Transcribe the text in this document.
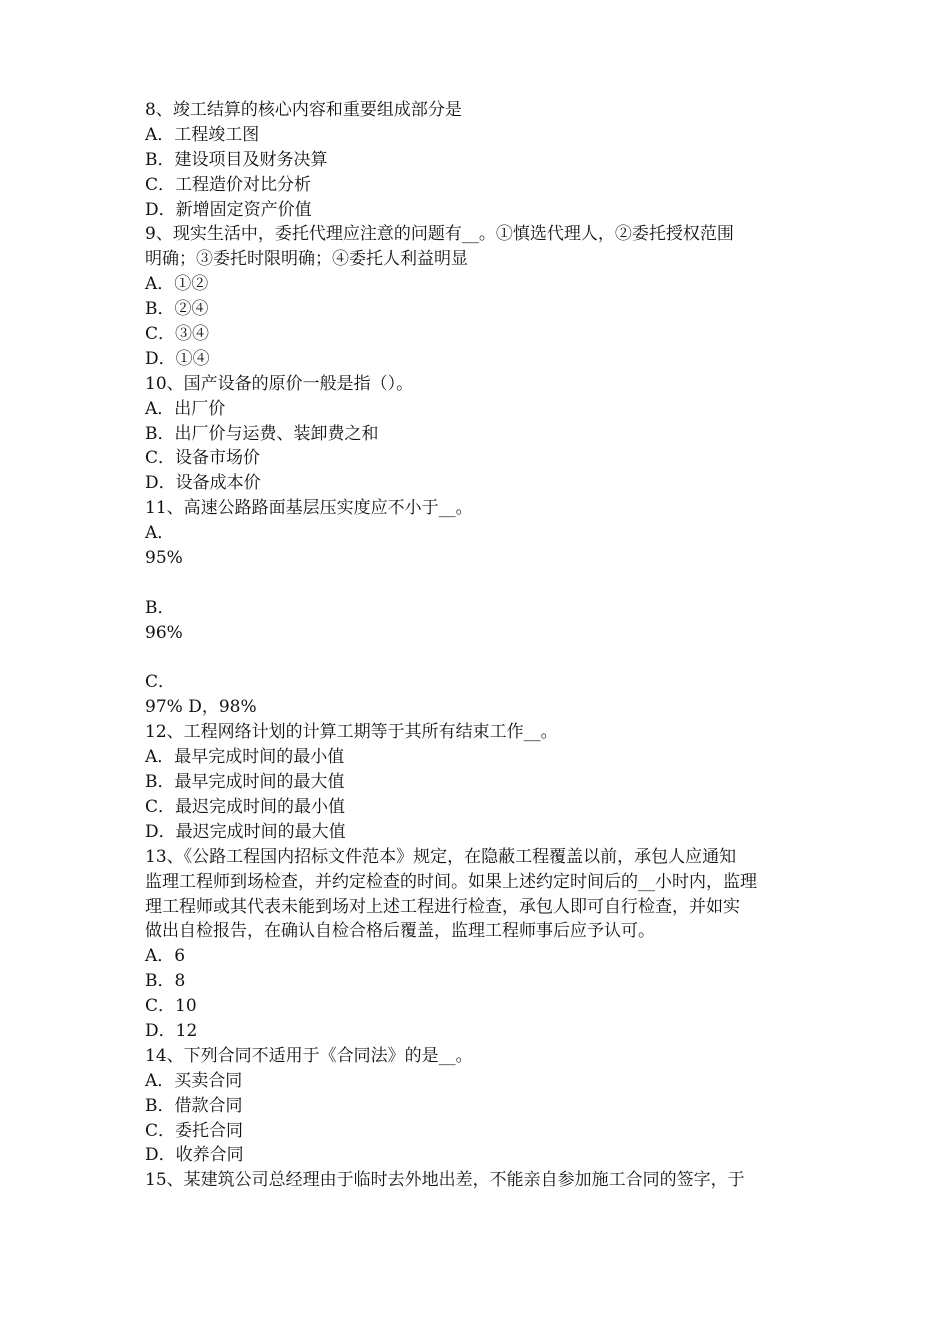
8、竣工结算的核心内容和重要组成部分是
A．工程竣工图
B．建设项目及财务决算
C．工程造价对比分析
D．新增固定资产价值
9、现实生活中，委托代理应注意的问题有__。①慎选代理人，②委托授权范围
明确；③委托时限明确；④委托人利益明显
A．①②
B．②④
C．③④
D．①④
10、国产设备的原价一般是指（）。
A．出厂价
B．出厂价与运费、装卸费之和
C．设备市场价
D．设备成本价
11、高速公路路面基层压实度应不小于__。
A．
95%
B．
96%
C．
97% D，98%
12、工程网络计划的计算工期等于其所有结束工作__。
A．最早完成时间的最小值
B．最早完成时间的最大值
C．最迟完成时间的最小值
D．最迟完成时间的最大值
13、《公路工程国内招标文件范本》规定，在隐蔽工程覆盖以前，承包人应通知
监理工程师到场检查，并约定检查的时间。如果上述约定时间后的__小时内，监理
理工程师或其代表未能到场对上述工程进行检查，承包人即可自行检查，并如实
做出自检报告，在确认自检合格后覆盖，监理工程师事后应予认可。
A．6
B．8
C．10
D．12
14、下列合同不适用于《合同法》的是__。
A．买卖合同
B．借款合同
C．委托合同
D．收养合同
15、某建筑公司总经理由于临时去外地出差，不能亲自参加施工合同的签字，于
